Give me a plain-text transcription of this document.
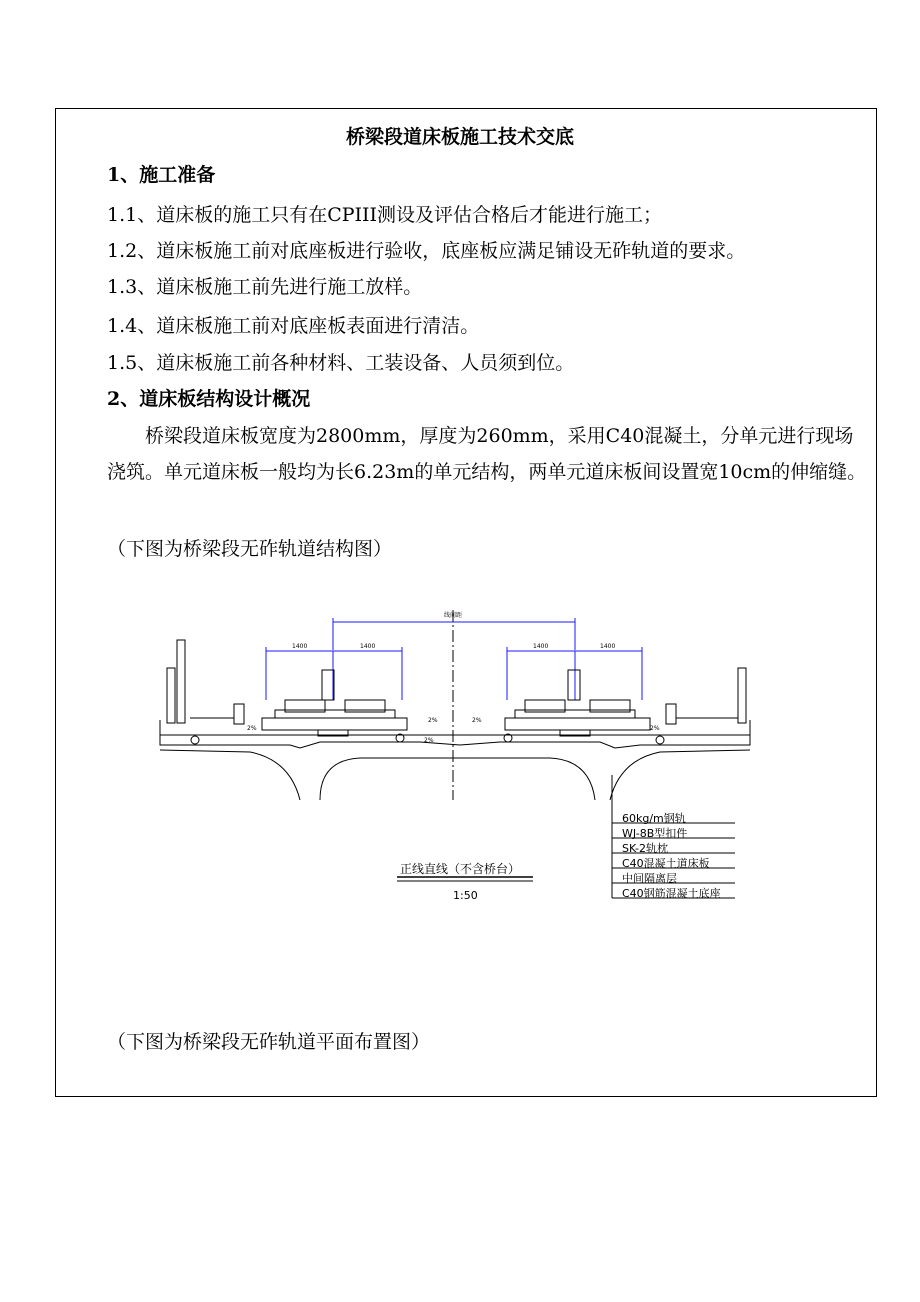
桥梁段道床板施工技术交底
1、施工准备
1.1、道床板的施工只有在CPIII测设及评估合格后才能进行施工；
1.2、道床板施工前对底座板进行验收，底座板应满足铺设无砟轨道的要求。
1.3、道床板施工前先进行施工放样。
1.4、道床板施工前对底座板表面进行清洁。
1.5、道床板施工前各种材料、工装设备、人员须到位。
2、道床板结构设计概况
　　桥梁段道床板宽度为2800mm，厚度为260mm，采用C40混凝土，分单元进行现场浇筑。单元道床板一般均为长6.23m的单元结构，两单元道床板间设置宽10cm的伸缩缝。
（下图为桥梁段无砟轨道结构图）
线间距
1400	1400	1400	1400
2%
2%	2%
2%
2%
60kg/m钢轨
WJ-8B型扣件
SK-2轨枕
C40混凝土道床板
中间隔离层
C40钢筋混凝土底座
正线直线（不含桥台）
1:50
（下图为桥梁段无砟轨道平面布置图）
